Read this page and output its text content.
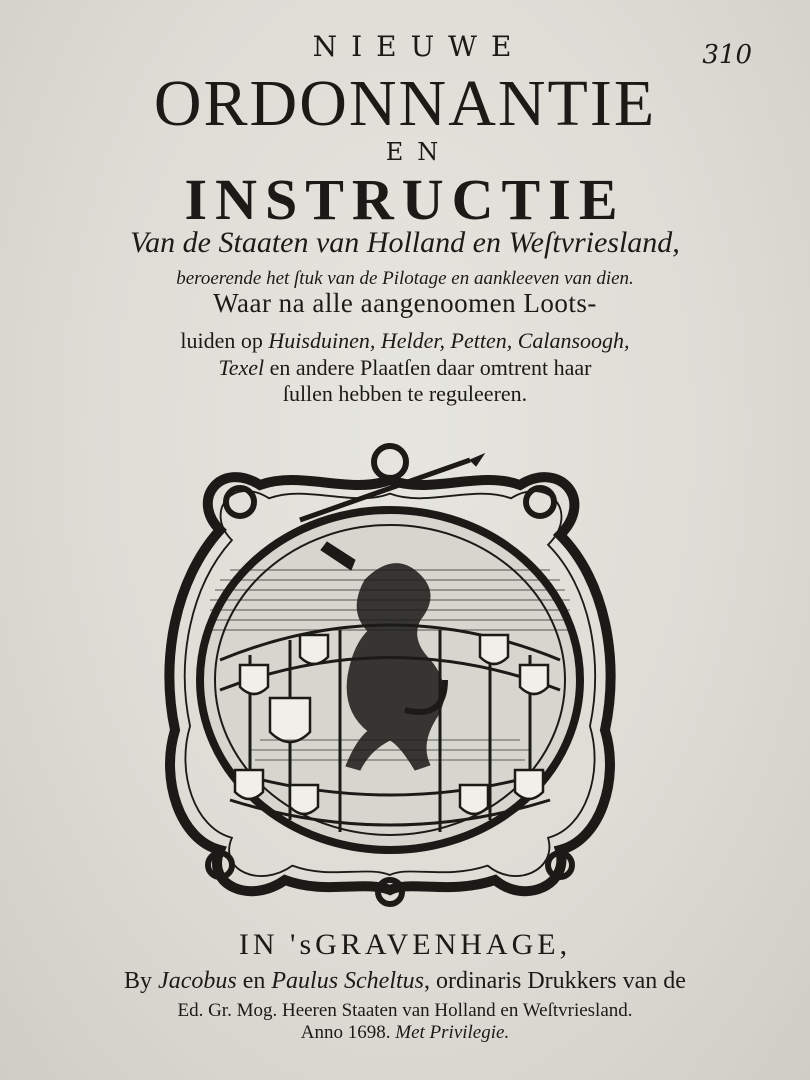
310
NIEUWE
ORDONNANTIE
EN
INSTRUCTIE
Van de Staaten van Holland en Weſtvriesland,
beroerende het ſtuk van de Pilotage en aankleeven van dien.
Waar na alle aangenoomen Loots-
luiden op Huisduinen, Helder, Petten, Calansoogh,
Texel en andere Plaatſen daar omtrent haar
ſullen hebben te reguleeren.
IN 'sGRAVENHAGE,
By Jacobus en Paulus Scheltus, ordinaris Drukkers van de
Ed. Gr. Mog. Heeren Staaten van Holland en Weſtvriesland.
Anno 1698. Met Privilegie.
